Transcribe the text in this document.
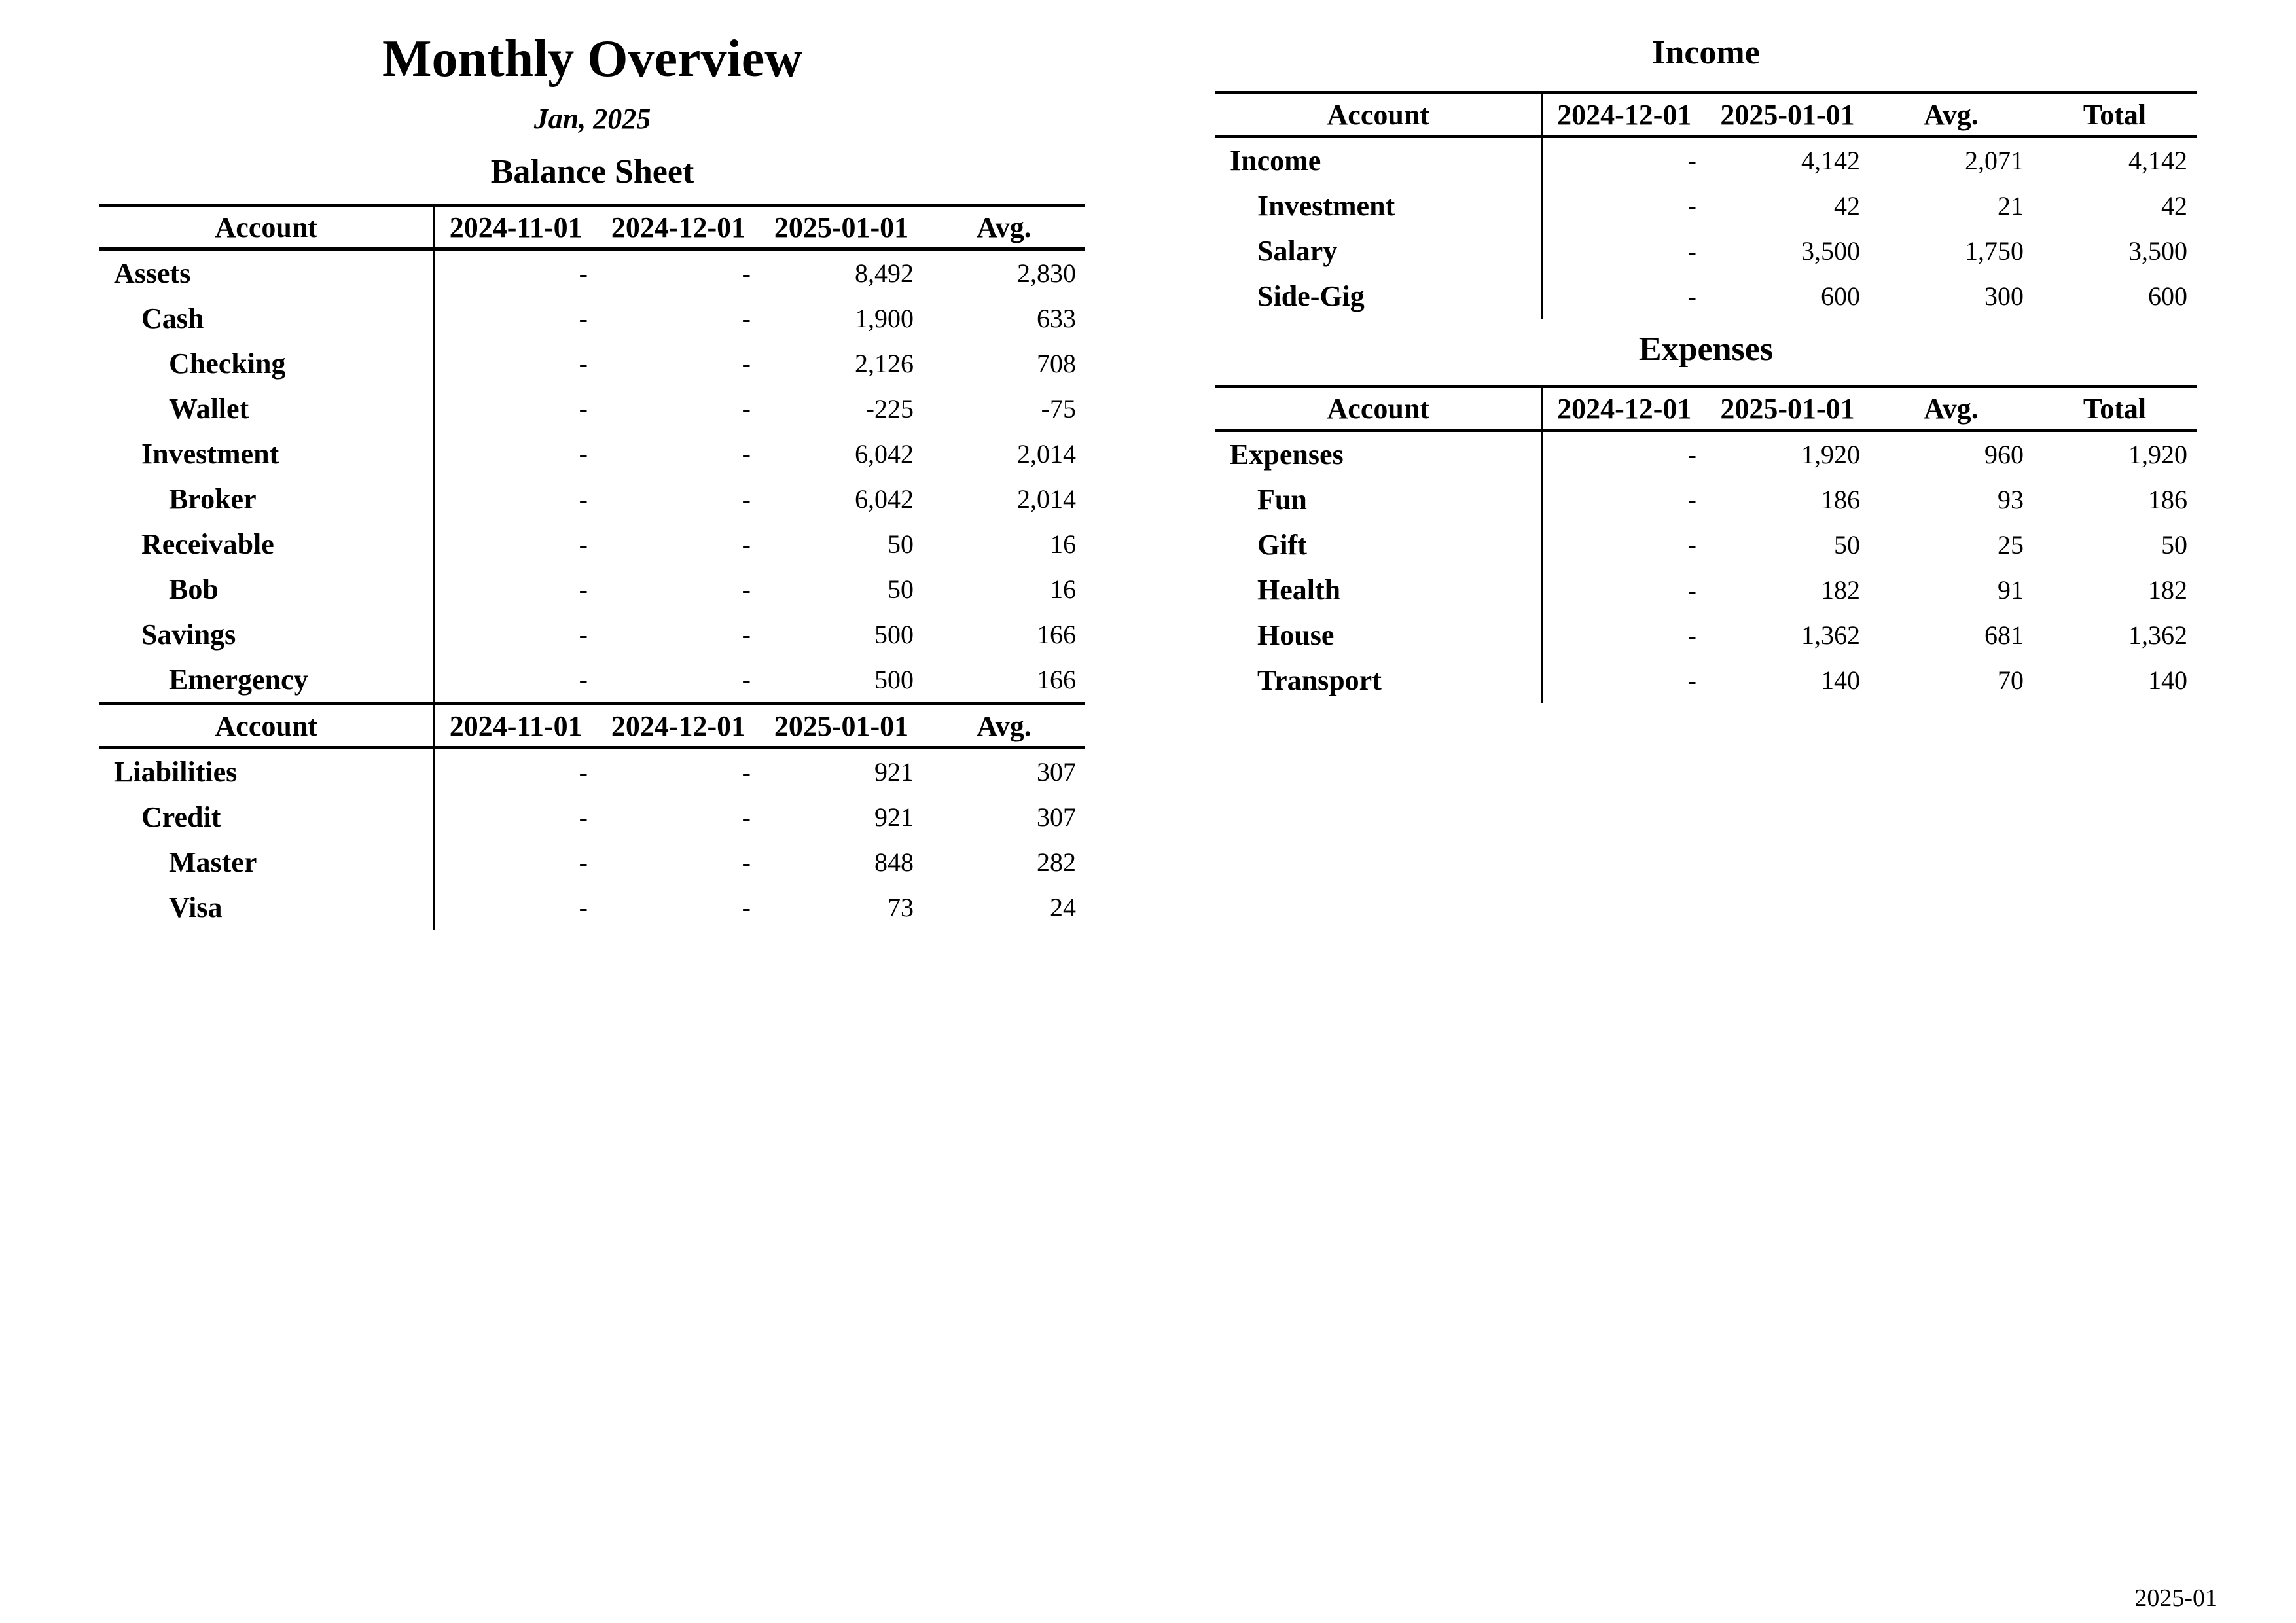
Monthly Overview
Jan, 2025
Balance Sheet
Account	2024-11-01	2024-12-01	2025-01-01	Avg.
Assets	-	-	8,492	2,830
Cash	-	-	1,900	633
Checking	-	-	2,126	708
Wallet	-	-	-225	-75
Investment	-	-	6,042	2,014
Broker	-	-	6,042	2,014
Receivable	-	-	50	16
Bob	-	-	50	16
Savings	-	-	500	166
Emergency	-	-	500	166
Account	2024-11-01	2024-12-01	2025-01-01	Avg.
Liabilities	-	-	921	307
Credit	-	-	921	307
Master	-	-	848	282
Visa	-	-	73	24
Income
Account	2024-12-01	2025-01-01	Avg.	Total
Income	-	4,142	2,071	4,142
Investment	-	42	21	42
Salary	-	3,500	1,750	3,500
Side-Gig	-	600	300	600
Expenses
Account	2024-12-01	2025-01-01	Avg.	Total
Expenses	-	1,920	960	1,920
Fun	-	186	93	186
Gift	-	50	25	50
Health	-	182	91	182
House	-	1,362	681	1,362
Transport	-	140	70	140
2025-01
